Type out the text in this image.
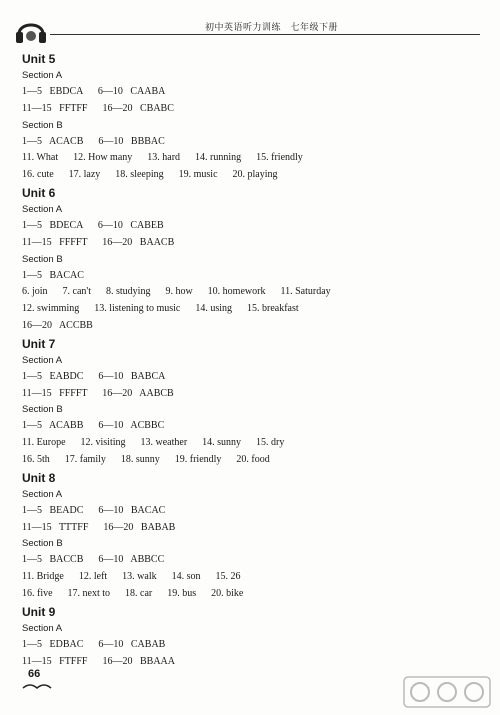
初中英语听力训练　七年级下册
Unit 5
Section A
1—5   EBDCA      6—10   CAABA
11—15   FFTFF      16—20   CBABC
Section B
1—5   ACACB      6—10   BBBAC
11. What      12. How many      13. hard      14. running      15. friendly
16. cute      17. lazy      18. sleeping      19. music      20. playing
Unit 6
Section A
1—5   BDECA      6—10   CABEB
11—15   FFFFT      16—20   BAACB
Section B
1—5   BACAC
6. join      7. can't      8. studying      9. how      10. homework      11. Saturday
12. swimming      13. listening to music      14. using      15. breakfast
16—20   ACCBB
Unit 7
Section A
1—5   EABDC      6—10   BABCA
11—15   FFFFT      16—20   AABCB
Section B
1—5   ACABB      6—10   ACBBC
11. Europe      12. visiting      13. weather      14. sunny      15. dry
16. 5th      17. family      18. sunny      19. friendly      20. food
Unit 8
Section A
1—5   BEADC      6—10   BACAC
11—15   TTTFF      16—20   BABAB
Section B
1—5   BACCB      6—10   ABBCC
11. Bridge      12. left      13. walk      14. son      15. 26
16. five      17. next to      18. car      19. bus      20. bike
Unit 9
Section A
1—5   EDBAC      6—10   CABAB
11—15   FTFFF      16—20   BBAAA
66
